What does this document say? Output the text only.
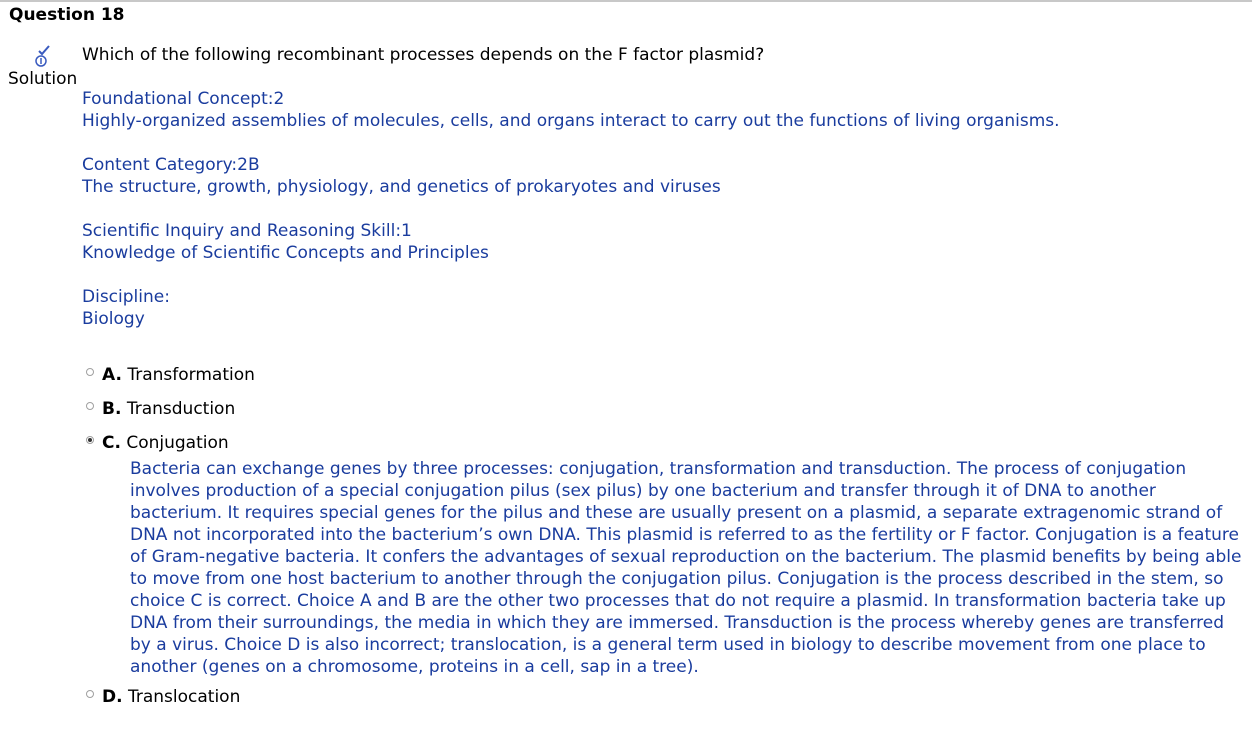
Question 18
Which of the following recombinant processes depends on the F factor plasmid?
Solution
Foundational Concept:2
Highly-organized assemblies of molecules, cells, and organs interact to carry out the functions of living organisms.
Content Category:2B
The structure, growth, physiology, and genetics of prokaryotes and viruses
Scientific Inquiry and Reasoning Skill:1
Knowledge of Scientific Concepts and Principles
Discipline:
Biology
A. Transformation
B. Transduction
C. Conjugation
Bacteria can exchange genes by three processes: conjugation, transformation and transduction. The process of conjugation involves production of a special conjugation pilus (sex pilus) by one bacterium and transfer through it of DNA to another bacterium. It requires special genes for the pilus and these are usually present on a plasmid, a separate extragenomic strand of DNA not incorporated into the bacterium’s own DNA. This plasmid is referred to as the fertility or F factor. Conjugation is a feature of Gram-negative bacteria. It confers the advantages of sexual reproduction on the bacterium. The plasmid benefits by being able to move from one host bacterium to another through the conjugation pilus. Conjugation is the process described in the stem, so choice C is correct. Choice A and B are the other two processes that do not require a plasmid. In transformation bacteria take up DNA from their surroundings, the media in which they are immersed. Transduction is the process whereby genes are transferred by a virus. Choice D is also incorrect; translocation, is a general term used in biology to describe movement from one place to another (genes on a chromosome, proteins in a cell, sap in a tree).
D. Translocation
